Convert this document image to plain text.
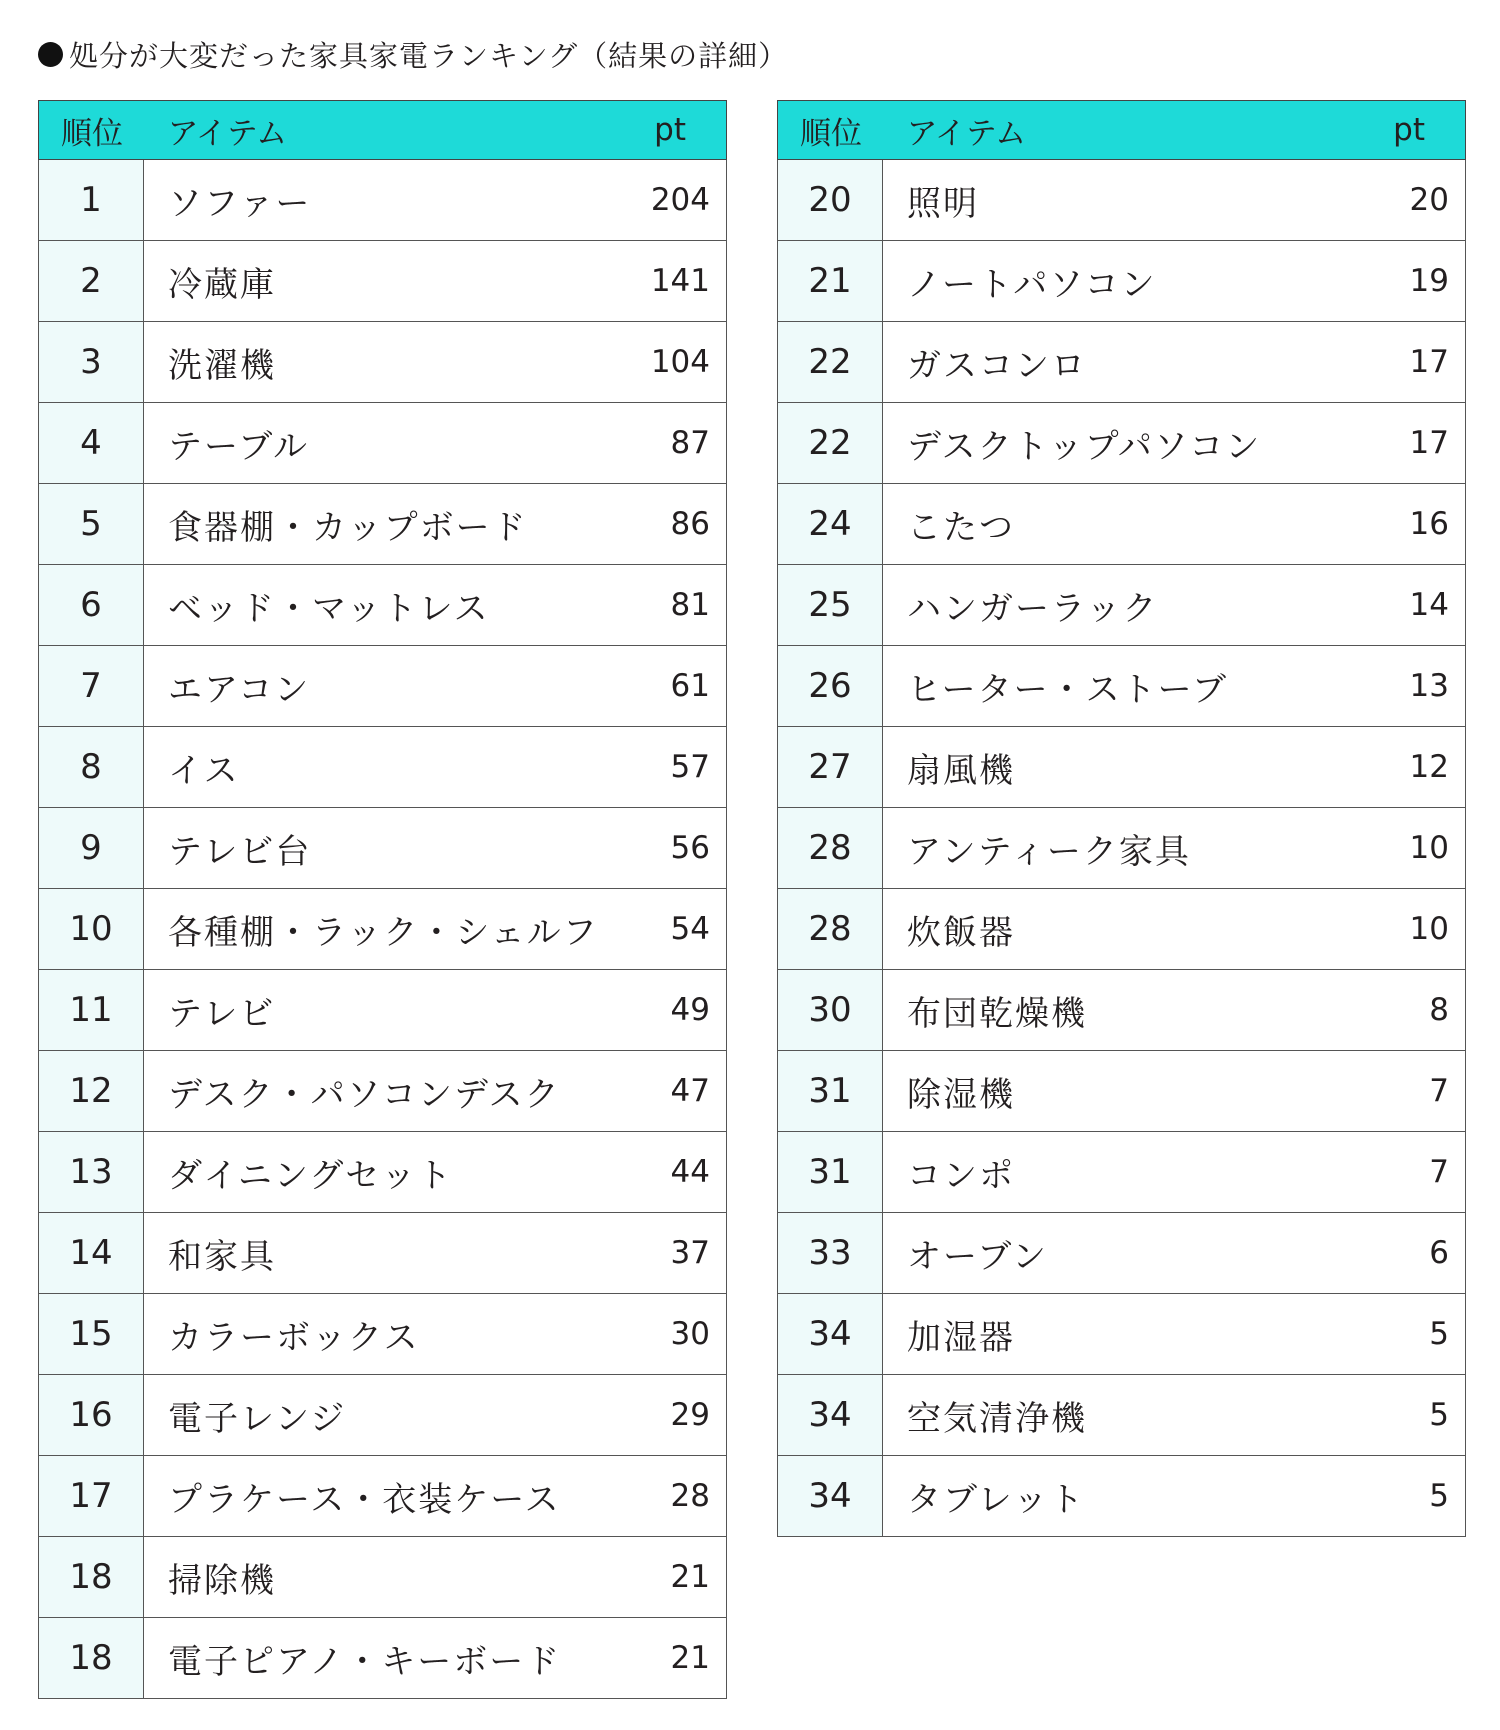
処分が大変だった家具家電ランキング（結果の詳細）
順位	アイテム	pt
1	ソファー	204
2	冷蔵庫	141
3	洗濯機	104
4	テーブル	87
5	食器棚・カップボード	86
6	ベッド・マットレス	81
7	エアコン	61
8	イス	57
9	テレビ台	56
10	各種棚・ラック・シェルフ	54
11	テレビ	49
12	デスク・パソコンデスク	47
13	ダイニングセット	44
14	和家具	37
15	カラーボックス	30
16	電子レンジ	29
17	プラケース・衣装ケース	28
18	掃除機	21
18	電子ピアノ・キーボード	21
順位	アイテム	pt
20	照明	20
21	ノートパソコン	19
22	ガスコンロ	17
22	デスクトップパソコン	17
24	こたつ	16
25	ハンガーラック	14
26	ヒーター・ストーブ	13
27	扇風機	12
28	アンティーク家具	10
28	炊飯器	10
30	布団乾燥機	8
31	除湿機	7
31	コンポ	7
33	オーブン	6
34	加湿器	5
34	空気清浄機	5
34	タブレット	5
